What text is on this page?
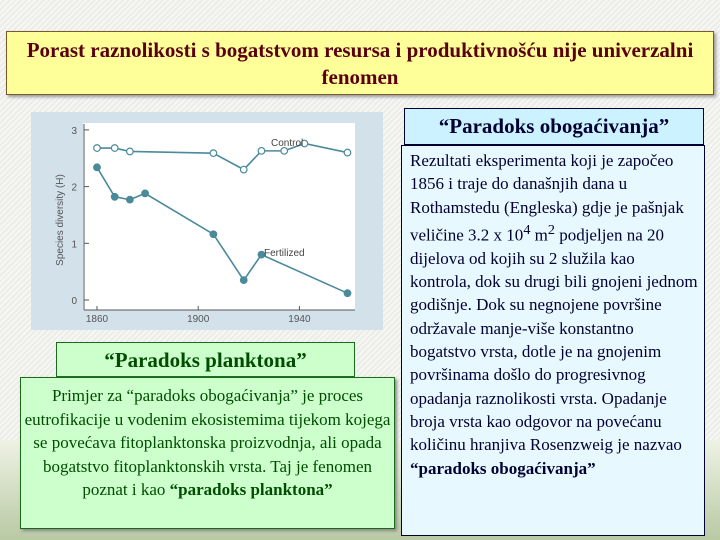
Porast raznolikosti s bogatstvom resursa i produktivnošću nije univerzalni fenomen
0
1
2
3
1860	1900	1940
Species diversity (H)
Control
Fertilized
“Paradoks obogaćivanja”
Rezultati eksperimenta koji je započeo 1856 i traje do današnjih dana u Rothamstedu (Engleska) gdje je pašnjak veličine 3.2 x $10^4$ $m^2$ podjeljen na 20 dijelova od kojih su 2 služila kao kontrola, dok su drugi bili gnojeni jednom godišnje. Dok su negnojene površine održavale manje-više konstantno bogatstvo vrsta, dotle je na gnojenim površinama došlo do progresivnog opadanja raznolikosti vrsta. Opadanje broja vrsta kao odgovor na povećanu količinu hranjiva Rosenzweig je nazvao “paradoks obogaćivanja”
“Paradoks planktona”
Primjer za “paradoks obogaćivanja” je proces eutrofikacije u vodenim ekosistemima tijekom kojega se povećava fitoplanktonska proizvodnja, ali opada bogatstvo fitoplanktonskih vrsta. Taj je fenomen poznat i kao “paradoks planktona”
